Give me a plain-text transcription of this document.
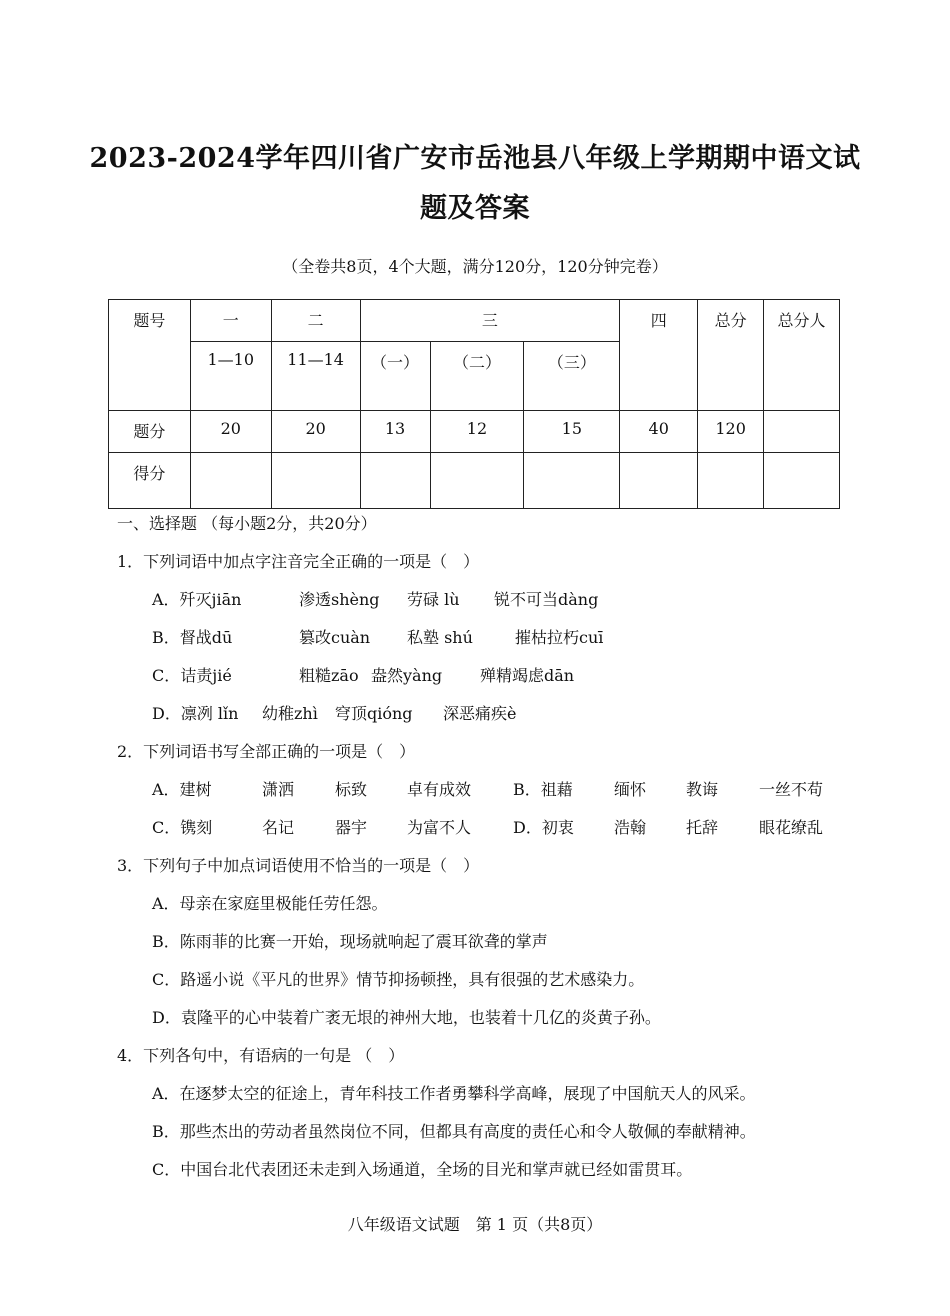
2023-2024学年四川省广安市岳池县八年级上学期期中语文试
题及答案
（全卷共8页，4个大题，满分120分，120分钟完卷）
题号	一	二	三			四	总分	总分人
	1—10	11—14	（一）	（二）	（三）			
题分	20	20	13	12	15	40	120	
得分								
一、选择题 （每小题2分，共20分）
1．下列词语中加点字注音完全正确的一项是（　）
A．歼灭jiān	渗透shèng 劳碌 lù 锐不可当dàng
B．督战dū	篡改cuàn 私塾 shú	摧枯拉朽cuī
C．诘责jié	粗糙zāo 盎然yàng 殚精竭虑dān
D．凛冽 lǐn 幼稚zhì 穹顶qióng 深恶痛疾è
2．下列词语书写全部正确的一项是（　）
A．建树	潇洒	标致 卓有成效	B．祖藉	缅怀 教诲	一丝不苟
C．镌刻	名记	器宇 为富不人	D．初衷	浩翰 托辞	眼花缭乱
3．下列句子中加点词语使用不恰当的一项是（　）
A．母亲在家庭里极能任劳任怨。
B．陈雨菲的比赛一开始，现场就响起了震耳欲聋的掌声
C．路遥小说《平凡的世界》情节抑扬顿挫，具有很强的艺术感染力。
D．袁隆平的心中装着广袤无垠的神州大地，也装着十几亿的炎黄子孙。
4．下列各句中，有语病的一句是 （　）
A．在逐梦太空的征途上，青年科技工作者勇攀科学高峰，展现了中国航天人的风采。
B．那些杰出的劳动者虽然岗位不同，但都具有高度的责任心和令人敬佩的奉献精神。
C．中国台北代表团还未走到入场通道，全场的目光和掌声就已经如雷贯耳。
八年级语文试题　第 1 页（共8页）
